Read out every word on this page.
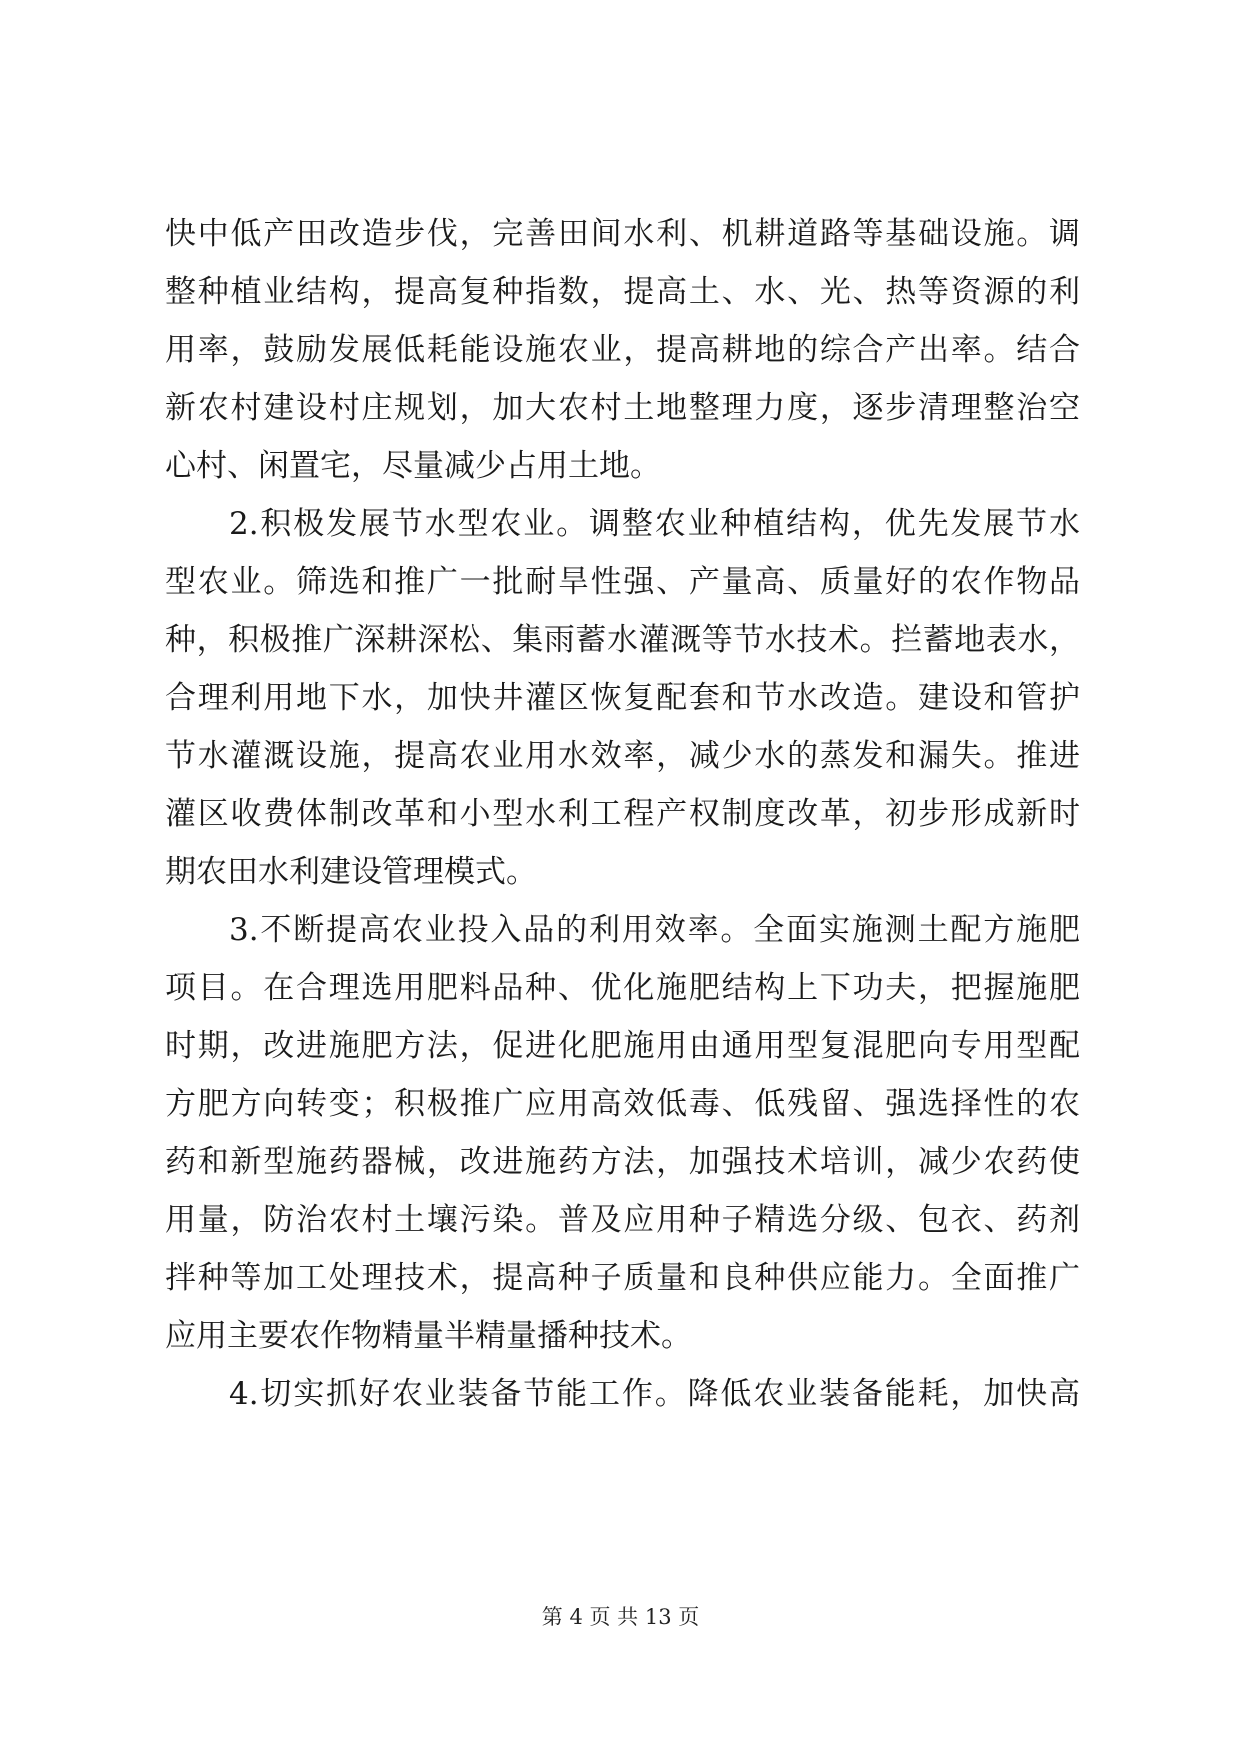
快中低产田改造步伐，完善田间水利、机耕道路等基础设施。调
整种植业结构，提高复种指数，提高土、水、光、热等资源的利
用率，鼓励发展低耗能设施农业，提高耕地的综合产出率。结合
新农村建设村庄规划，加大农村土地整理力度，逐步清理整治空
心村、闲置宅，尽量减少占用土地。
2.积极发展节水型农业。调整农业种植结构，优先发展节水
型农业。筛选和推广一批耐旱性强、产量高、质量好的农作物品
种，积极推广深耕深松、集雨蓄水灌溉等节水技术。拦蓄地表水，
合理利用地下水，加快井灌区恢复配套和节水改造。建设和管护
节水灌溉设施，提高农业用水效率，减少水的蒸发和漏失。推进
灌区收费体制改革和小型水利工程产权制度改革，初步形成新时
期农田水利建设管理模式。
3.不断提高农业投入品的利用效率。全面实施测土配方施肥
项目。在合理选用肥料品种、优化施肥结构上下功夫，把握施肥
时期，改进施肥方法，促进化肥施用由通用型复混肥向专用型配
方肥方向转变；积极推广应用高效低毒、低残留、强选择性的农
药和新型施药器械，改进施药方法，加强技术培训，减少农药使
用量，防治农村土壤污染。普及应用种子精选分级、包衣、药剂
拌种等加工处理技术，提高种子质量和良种供应能力。全面推广
应用主要农作物精量半精量播种技术。
4.切实抓好农业装备节能工作。降低农业装备能耗，加快高
第 4 页 共 13 页
